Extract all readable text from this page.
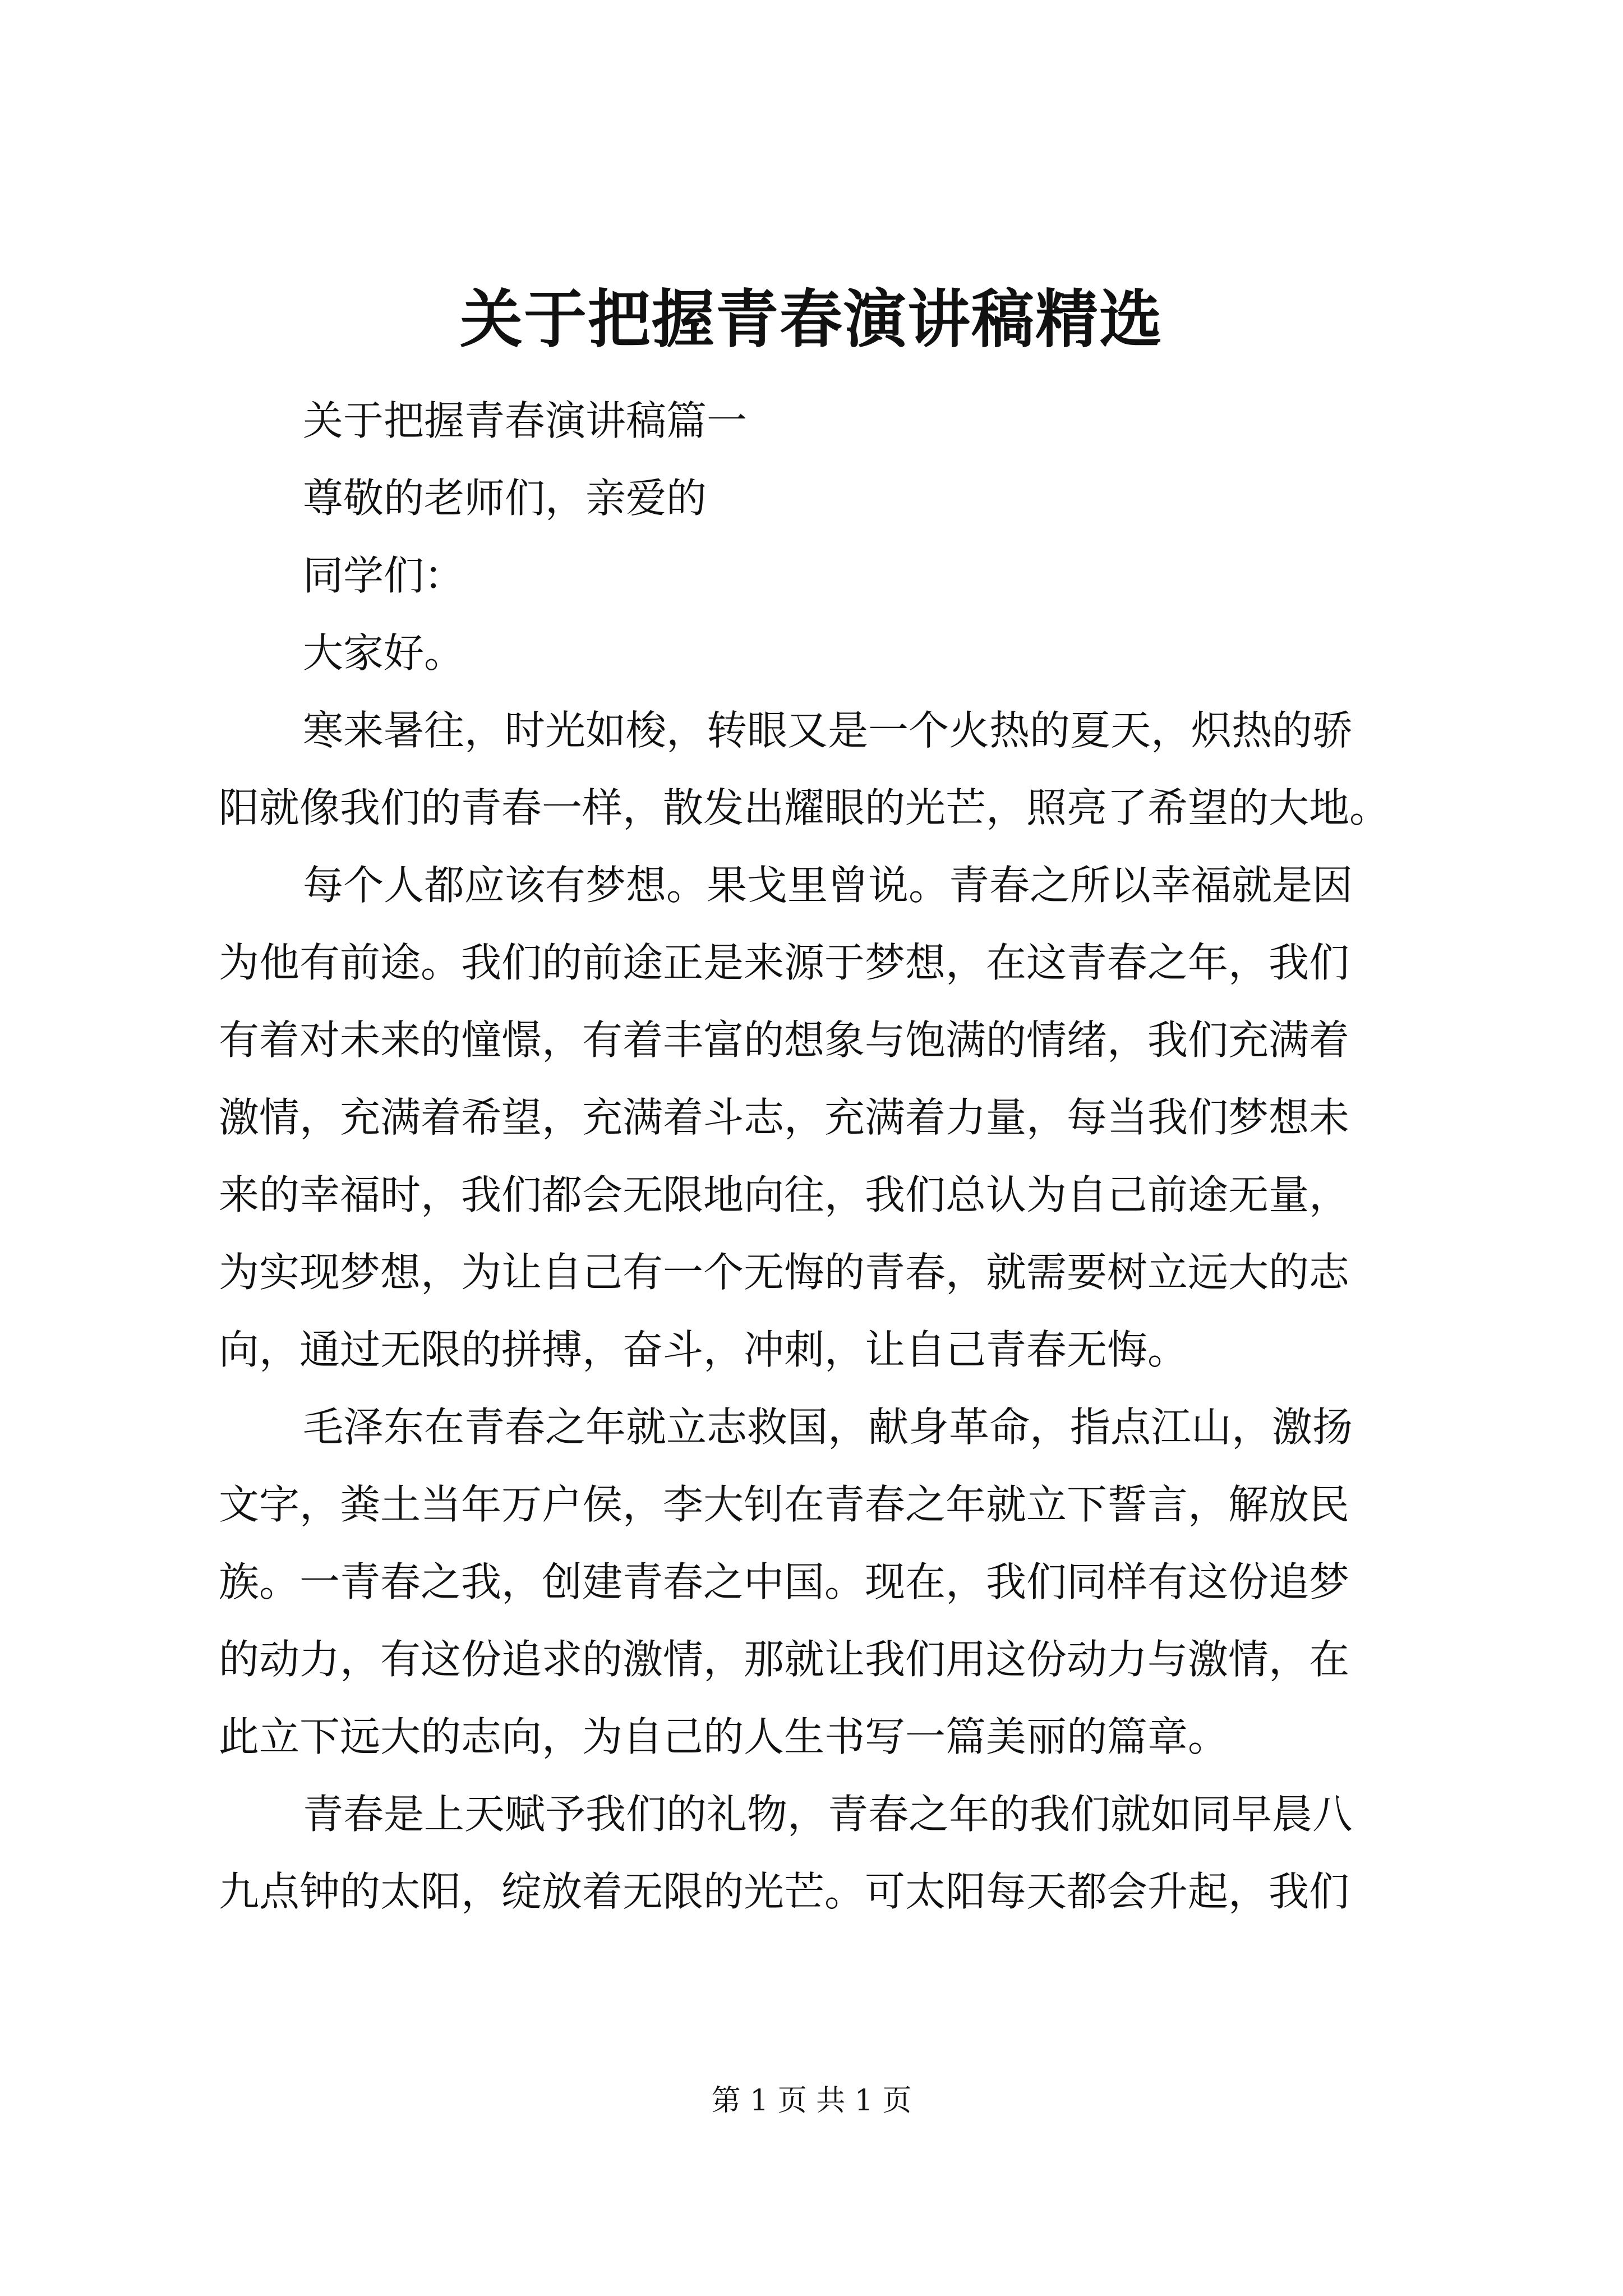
关于把握青春演讲稿精选
关于把握青春演讲稿篇一
尊敬的老师们，亲爱的
同学们：
大家好。
寒来暑往，时光如梭，转眼又是一个火热的夏天，炽热的骄
阳就像我们的青春一样，散发出耀眼的光芒，照亮了希望的大地。
每个人都应该有梦想。果戈里曾说。青春之所以幸福就是因
为他有前途。我们的前途正是来源于梦想，在这青春之年，我们
有着对未来的憧憬，有着丰富的想象与饱满的情绪，我们充满着
激情，充满着希望，充满着斗志，充满着力量，每当我们梦想未
来的幸福时，我们都会无限地向往，我们总认为自己前途无量，
为实现梦想，为让自己有一个无悔的青春，就需要树立远大的志
向，通过无限的拼搏，奋斗，冲刺，让自己青春无悔。
毛泽东在青春之年就立志救国，献身革命，指点江山，激扬
文字，粪土当年万户侯，李大钊在青春之年就立下誓言，解放民
族。一青春之我，创建青春之中国。现在，我们同样有这份追梦
的动力，有这份追求的激情，那就让我们用这份动力与激情，在
此立下远大的志向，为自己的人生书写一篇美丽的篇章。
青春是上天赋予我们的礼物，青春之年的我们就如同早晨八
九点钟的太阳，绽放着无限的光芒。可太阳每天都会升起，我们
第 1 页 共 1 页
